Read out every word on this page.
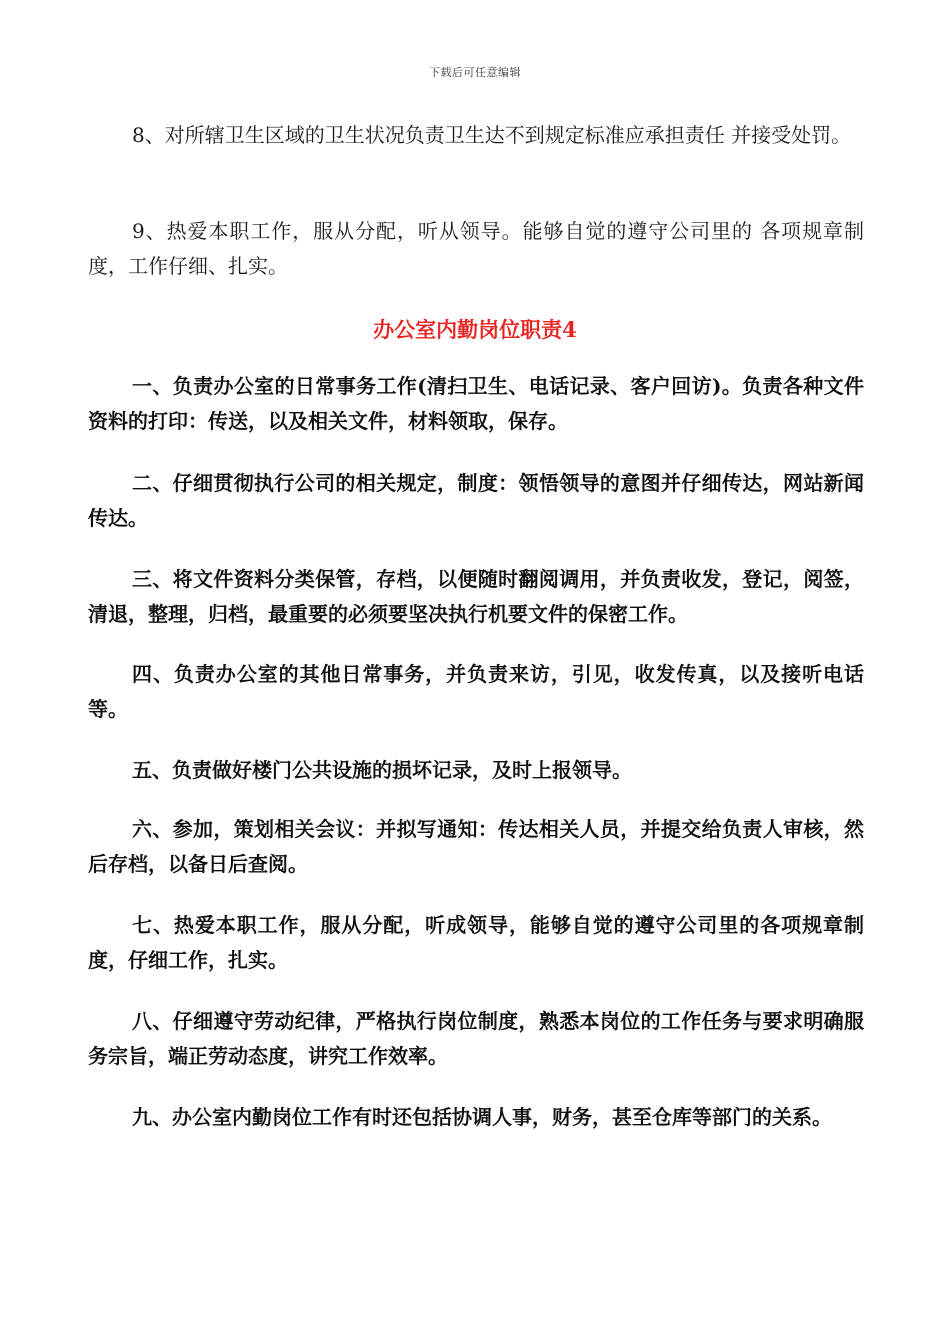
下载后可任意编辑

8、对所辖卫生区域的卫生状况负责卫生达不到规定标准应承担责任 并接受处罚。

9、热爱本职工作，服从分配，听从领导。能够自觉的遵守公司里的 各项规章制度，工作仔细、扎实。

办公室内勤岗位职责4

一、负责办公室的日常事务工作(清扫卫生、电话记录、客户回访)。负责各种文件资料的打印：传送，以及相关文件，材料领取，保存。

二、仔细贯彻执行公司的相关规定，制度：领悟领导的意图并仔细传达，网站新闻传达。

三、将文件资料分类保管，存档，以便随时翻阅调用，并负责收发，登记，阅签，清退，整理，归档，最重要的必须要坚决执行机要文件的保密工作。

四、负责办公室的其他日常事务，并负责来访，引见，收发传真，以及接听电话等。

五、负责做好楼门公共设施的损坏记录，及时上报领导。

六、参加，策划相关会议：并拟写通知：传达相关人员，并提交给负责人审核，然后存档，以备日后查阅。

七、热爱本职工作，服从分配，听成领导，能够自觉的遵守公司里的各项规章制度，仔细工作，扎实。

八、仔细遵守劳动纪律，严格执行岗位制度，熟悉本岗位的工作任务与要求明确服务宗旨，端正劳动态度，讲究工作效率。

九、办公室内勤岗位工作有时还包括协调人事，财务，甚至仓库等部门的关系。
